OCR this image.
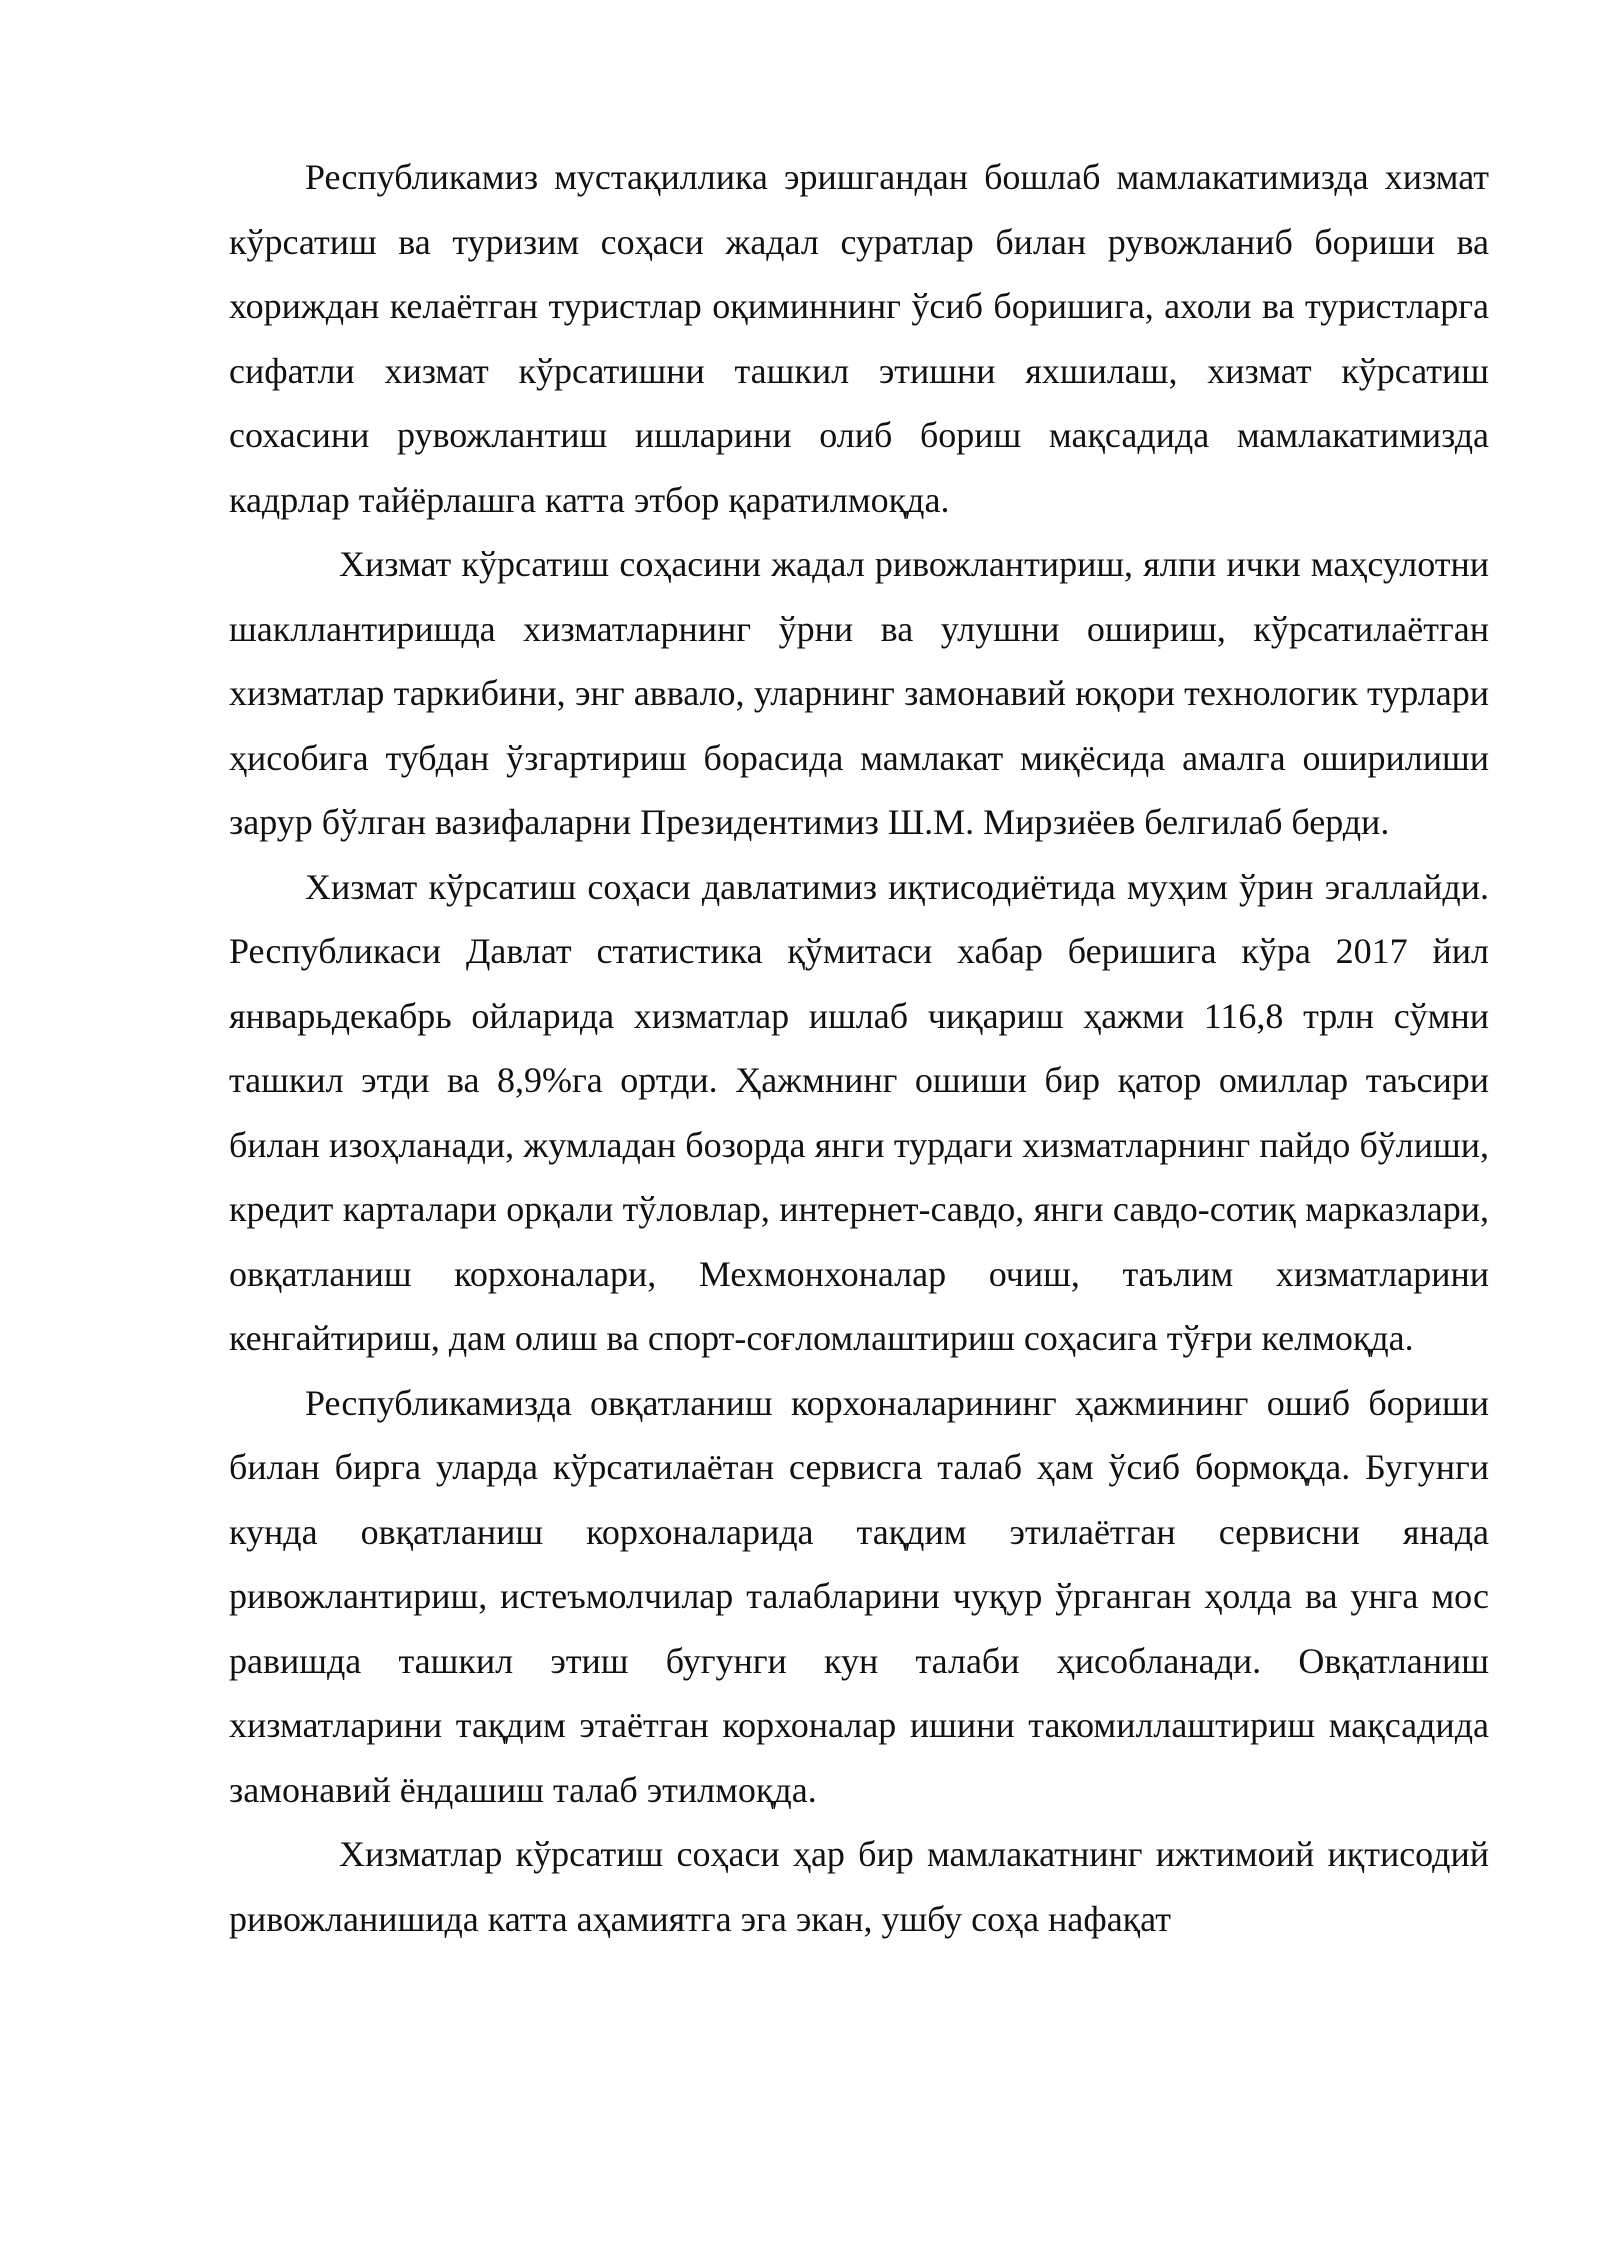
Республикамиз мустақиллика эришгандан бошлаб мамлакатимизда хизмат кўрсатиш ва туризим соҳаси жадал суратлар билан рувожланиб бориши ва хориждан келаётган туристлар оқиминнинг ўсиб боришига, ахоли ва туристларга сифатли хизмат кўрсатишни ташкил этишни яхшилаш, хизмат кўрсатиш сохасини рувожлантиш ишларини олиб бориш мақсадида мамлакатимизда кадрлар тайёрлашга катта этбор қаратилмоқда.

Хизмат кўрсатиш соҳасини жадал ривожлантириш, ялпи ички маҳсулотни шакллантиришда хизматларнинг ўрни ва улушни ошириш, кўрсатилаётган хизматлар таркибини, энг аввало, уларнинг замонавий юқори технологик турлари ҳисобига тубдан ўзгартириш борасида мамлакат миқёсида амалга оширилиши зарур бўлган вазифаларни Президентимиз Ш.М. Мирзиёев белгилаб берди.

Хизмат кўрсатиш соҳаси давлатимиз иқтисодиётида муҳим ўрин эгаллайди. Республикаси Давлат статистика қўмитаси хабар беришига кўра 2017 йил январьдекабрь ойларида хизматлар ишлаб чиқариш ҳажми 116,8 трлн сўмни ташкил этди ва 8,9%га ортди. Ҳажмнинг ошиши бир қатор омиллар таъсири билан изоҳланади, жумладан бозорда янги турдаги хизматларнинг пайдо бўлиши, кредит карталари орқали тўловлар, интернет-савдо, янги савдо-сотиқ марказлари, овқатланиш корхоналари, Мехмонхоналар очиш, таълим хизматларини кенгайтириш, дам олиш ва спорт-соғломлаштириш соҳасига тўғри келмоқда.

Республикамизда овқатланиш корхоналарининг ҳажмининг ошиб бориши билан бирга уларда кўрсатилаётан сервисга талаб ҳам ўсиб бормоқда. Бугунги кунда овқатланиш корхоналарида тақдим этилаётган сервисни янада ривожлантириш, истеъмолчилар талабларини чуқур ўрганган ҳолда ва унга мос равишда ташкил этиш бугунги кун талаби ҳисобланади. Овқатланиш хизматларини тақдим этаётган корхоналар ишини такомиллаштириш мақсадида замонавий ёндашиш талаб этилмоқда.

Хизматлар кўрсатиш соҳаси ҳар бир мамлакатнинг ижтимоий иқтисодий ривожланишида катта аҳамиятга эга экан, ушбу соҳа нафақат
